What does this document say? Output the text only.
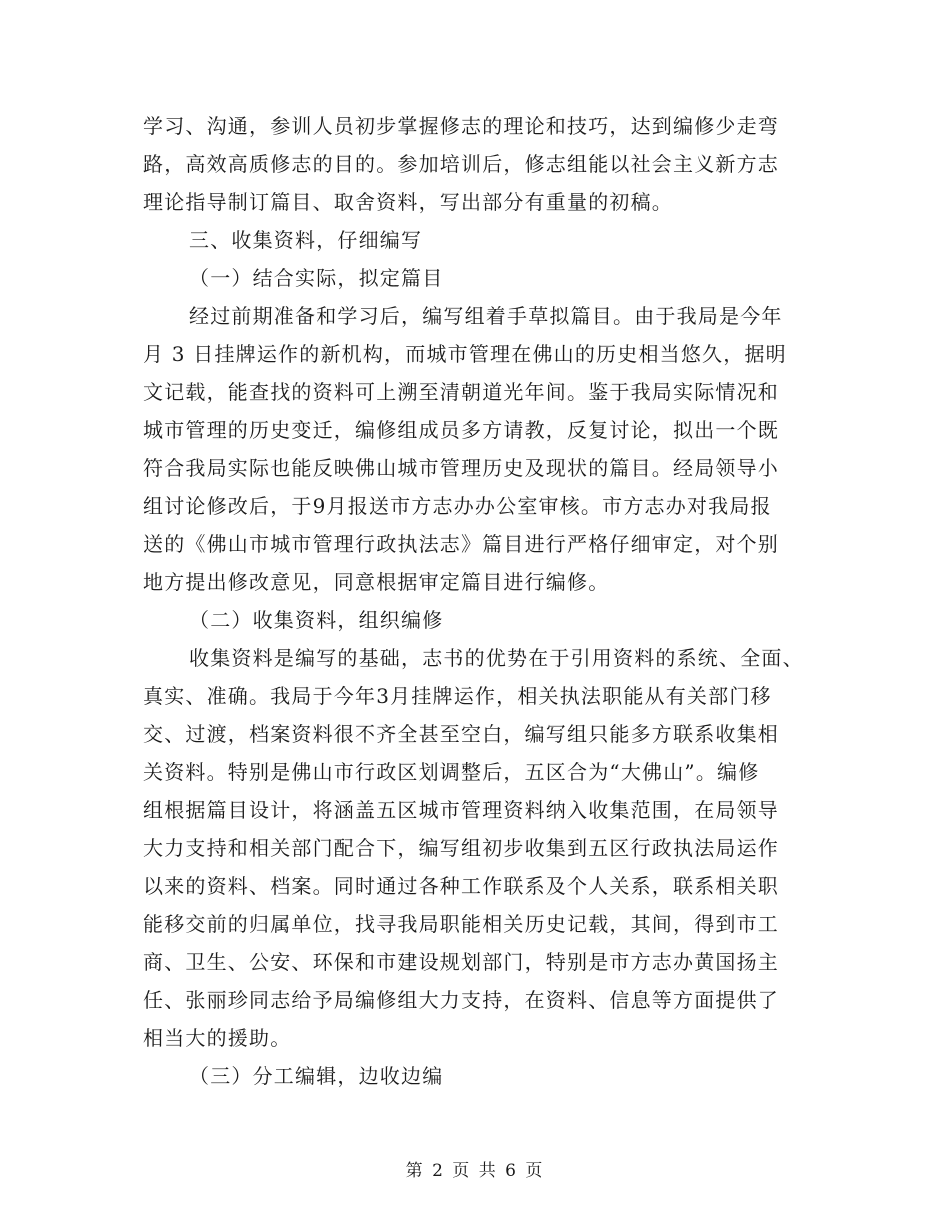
学习、沟通，参训人员初步掌握修志的理论和技巧，达到编修少走弯
路，高效高质修志的目的。参加培训后，修志组能以社会主义新方志
理论指导制订篇目、取舍资料，写出部分有重量的初稿。
三、收集资料，仔细编写
（一）结合实际，拟定篇目
经过前期准备和学习后，编写组着手草拟篇目。由于我局是今年
月 3 日挂牌运作的新机构，而城市管理在佛山的历史相当悠久，据明
文记载，能查找的资料可上溯至清朝道光年间。鉴于我局实际情况和
城市管理的历史变迁，编修组成员多方请教，反复讨论，拟出一个既
符合我局实际也能反映佛山城市管理历史及现状的篇目。经局领导小
组讨论修改后，于9月报送市方志办办公室审核。市方志办对我局报
送的《佛山市城市管理行政执法志》篇目进行严格仔细审定，对个别
地方提出修改意见，同意根据审定篇目进行编修。
（二）收集资料，组织编修
收集资料是编写的基础，志书的优势在于引用资料的系统、全面、
真实、准确。我局于今年3月挂牌运作，相关执法职能从有关部门移
交、过渡，档案资料很不齐全甚至空白，编写组只能多方联系收集相
关资料。特别是佛山市行政区划调整后，五区合为“大佛山”。编修
组根据篇目设计，将涵盖五区城市管理资料纳入收集范围，在局领导
大力支持和相关部门配合下，编写组初步收集到五区行政执法局运作
以来的资料、档案。同时通过各种工作联系及个人关系，联系相关职
能移交前的归属单位，找寻我局职能相关历史记载，其间，得到市工
商、卫生、公安、环保和市建设规划部门，特别是市方志办黄国扬主
任、张丽珍同志给予局编修组大力支持，在资料、信息等方面提供了
相当大的援助。
（三）分工编辑，边收边编
第 2 页 共 6 页
